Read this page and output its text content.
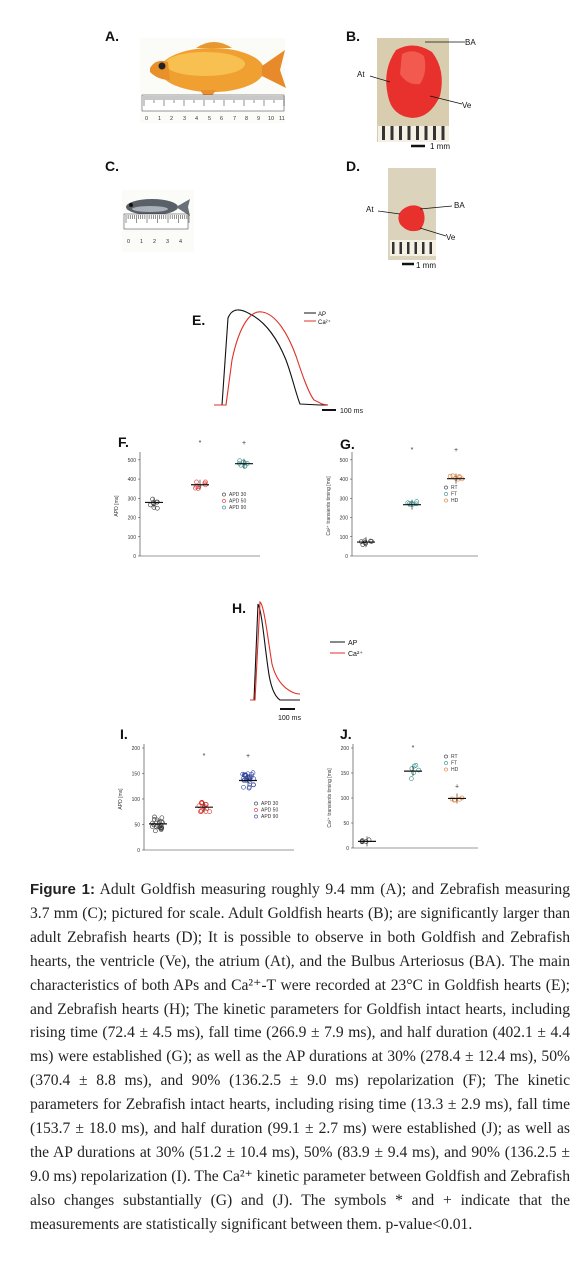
A.	B.
C.	D.
E.
F.	G.
H.
I.	J.
0 1 2 3 4 5 6 7 8 9 10 11
BA
At
Ve
1 mm
0 1 2 3 4
At	BA
Ve
1 mm
AP
Ca²⁺
100 ms
AP
Ca²⁺
100 ms
0
100
200
300
400
500
APD [ms]
APD 30
APD 50
APD 90
*	+
0
100
200
300
400
500
Ca²⁺ transients timing [ms]	RT
FT
HD
*	+
0
50
100
150
200
APD [ms]	APD 30
APD 50
APD 90
*	+
0
50
100
150
200
Ca²⁺ transients timing [ms]
RT
FT
HD
*
+
Figure 1: Adult Goldfish measuring roughly 9.4 mm (A); and Zebrafish measuring 3.7 mm (C); pictured for scale. Adult Goldfish hearts (B); are significantly larger than adult Zebrafish hearts (D); It is possible to observe in both Goldfish and Zebrafish hearts, the ventricle (Ve), the atrium (At), and the Bulbus Arteriosus (BA). The main characteristics of both APs and Ca²⁺-T were recorded at 23°C in Goldfish hearts (E); and Zebrafish hearts (H); The kinetic parameters for Goldfish intact hearts, including rising time (72.4 ± 4.5 ms), fall time (266.9 ± 7.9 ms), and half duration (402.1 ± 4.4 ms) were established (G); as well as the AP durations at 30% (278.4 ± 12.4 ms), 50% (370.4 ± 8.8 ms), and 90% (136.2.5 ± 9.0 ms) repolarization (F); The kinetic parameters for Zebrafish intact hearts, including rising time (13.3 ± 2.9 ms), fall time (153.7 ± 18.0 ms), and half duration (99.1 ± 2.7 ms) were established (J); as well as the AP durations at 30% (51.2 ± 10.4 ms), 50% (83.9 ± 9.4 ms), and 90% (136.2.5 ± 9.0 ms) repolarization (I). The Ca²⁺ kinetic parameter between Goldfish and Zebrafish also changes substantially (G) and (J). The symbols * and + indicate that the measurements are statistically significant between them. p-value<0.01.
